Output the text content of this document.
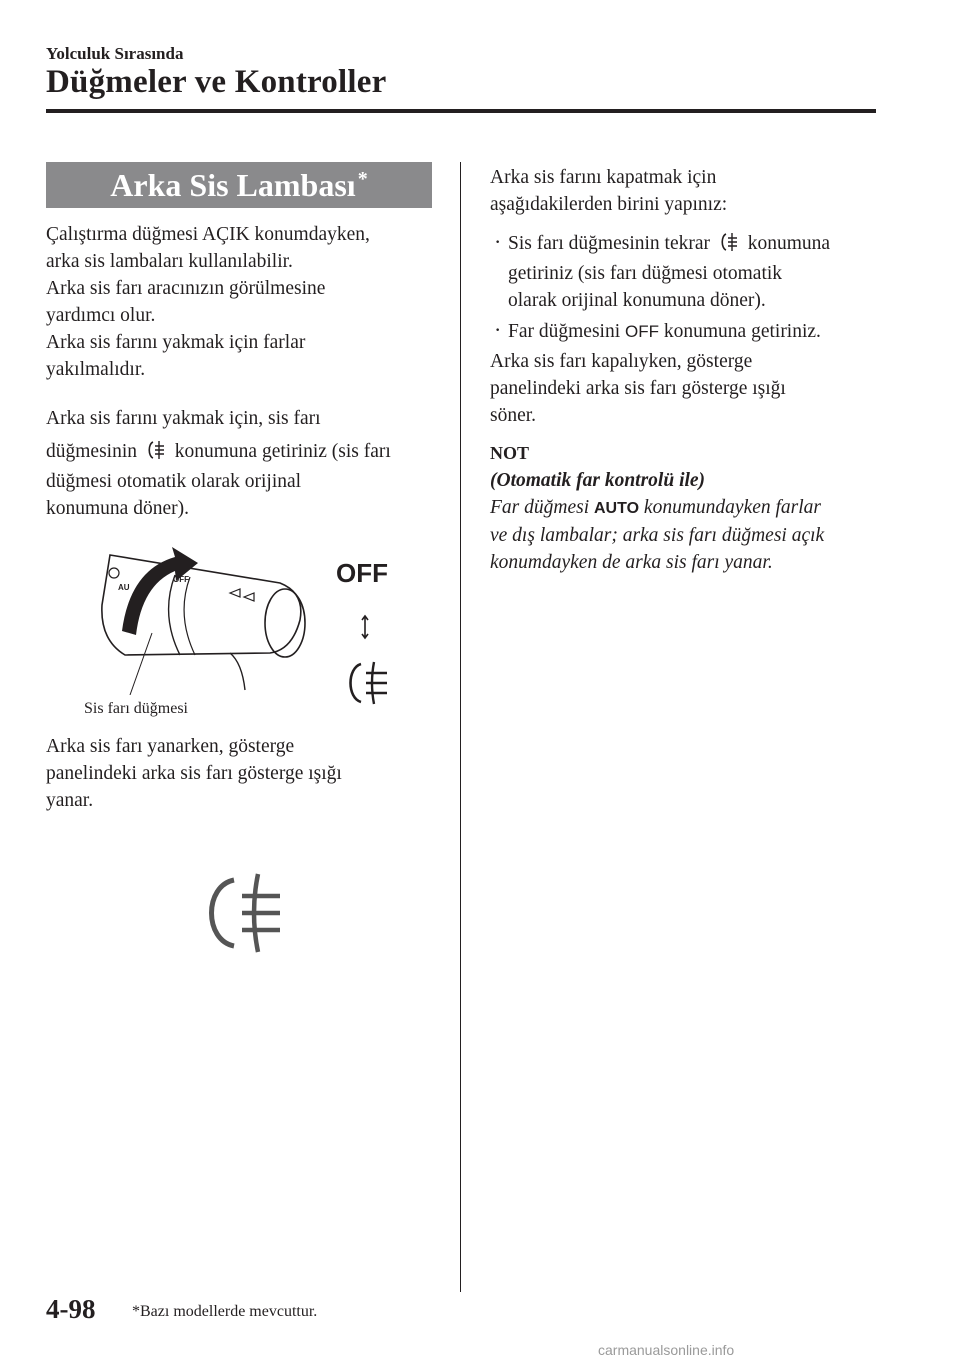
Yolculuk Sırasında
Düğmeler ve Kontroller
Arka Sis Lambası*

Çalıştırma düğmesi AÇIK konumdayken,

arka sis lambaları kullanılabilir.

Arka sis farı aracınızın görülmesine

yardımcı olur.

Arka sis farını yakmak için farlar

yakılmalıdır.

Arka sis farını yakmak için, sis farı

düğmesinin konumuna getiriniz (sis farı

düğmesi otomatik olarak orijinal

konumuna döner).

AU
OFF	OFF
Sis farı düğmesi

Arka sis farı yanarken, gösterge

panelindeki arka sis farı gösterge ışığı

yanar.

Arka sis farını kapatmak için

aşağıdakilerden birini yapınız:

· Sis farı düğmesinin tekrar konumuna

getiriniz (sis farı düğmesi otomatik

olarak orijinal konumuna döner).

· Far düğmesini OFF konumuna getiriniz.

Arka sis farı kapalıyken, gösterge

panelindeki arka sis farı gösterge ışığı

söner.

NOT

(Otomatik far kontrolü ile)

Far düğmesi AUTO konumundayken farlar

ve dış lambalar; arka sis farı düğmesi açık

konumdayken de arka sis farı yanar.

4-98 *Bazı modellerde mevcuttur.
carmanualsonline.info
